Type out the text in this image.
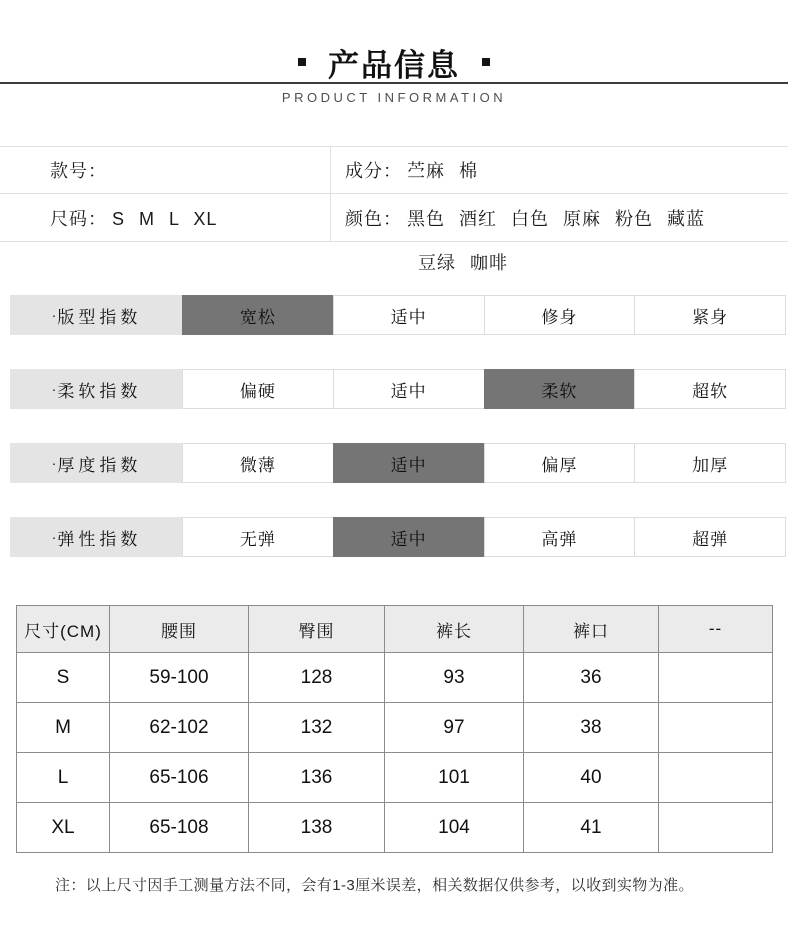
产品信息
PRODUCT INFORMATION
款号：	成分： 苎麻 棉
尺码： S M L XL	颜色： 黑色 酒红 白色 原麻 粉色 藏蓝
豆绿 咖啡
· 版型指数	宽松	适中	修身	紧身
· 柔软指数	偏硬	适中	柔软	超软
· 厚度指数	微薄	适中	偏厚	加厚
· 弹性指数	无弹	适中	高弹	超弹
尺寸(CM)	腰围	臀围	裤长	裤口	--
S	59-100	128	93	36	
M	62-102	132	97	38	
L	65-106	136	101	40	
XL	65-108	138	104	41	
注：以上尺寸因手工测量方法不同，会有1-3厘米误差，相关数据仅供参考，以收到实物为准。
